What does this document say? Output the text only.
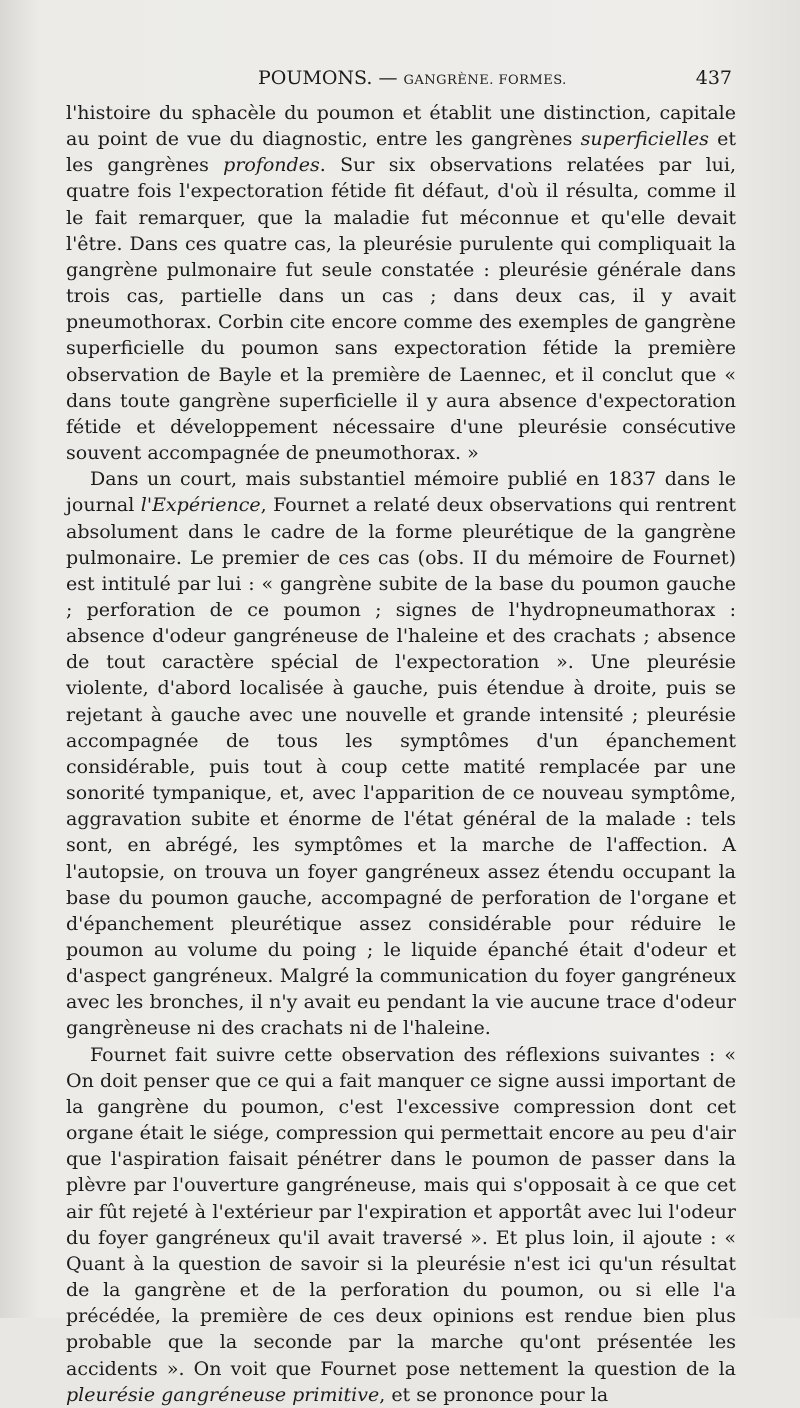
POUMONS. — GANGRÈNE. FORMES.	437

l'histoire du sphacèle du poumon et établit une distinction, capitale au point de vue du diagnostic, entre les gangrènes superficielles et les gangrènes profondes. Sur six observations relatées par lui, quatre fois l'expectoration fétide fit défaut, d'où il résulta, comme il le fait remarquer, que la maladie fut méconnue et qu'elle devait l'être. Dans ces quatre cas, la pleurésie purulente qui compliquait la gangrène pulmonaire fut seule constatée : pleurésie générale dans trois cas, partielle dans un cas ; dans deux cas, il y avait pneumothorax. Corbin cite encore comme des exemples de gangrène superficielle du poumon sans expectoration fétide la première observation de Bayle et la première de Laennec, et il conclut que « dans toute gangrène superficielle il y aura absence d'expectoration fétide et développement nécessaire d'une pleurésie consécutive souvent accompagnée de pneumothorax. »

Dans un court, mais substantiel mémoire publié en 1837 dans le journal l'Expérience, Fournet a relaté deux observations qui rentrent absolument dans le cadre de la forme pleurétique de la gangrène pulmonaire. Le premier de ces cas (obs. II du mémoire de Fournet) est intitulé par lui : « gangrène subite de la base du poumon gauche ; perforation de ce poumon ; signes de l'hydropneumathorax : absence d'odeur gangréneuse de l'haleine et des crachats ; absence de tout caractère spécial de l'expectoration ». Une pleurésie violente, d'abord localisée à gauche, puis étendue à droite, puis se rejetant à gauche avec une nouvelle et grande intensité ; pleurésie accompagnée de tous les symptômes d'un épanchement considérable, puis tout à coup cette matité remplacée par une sonorité tympanique, et, avec l'apparition de ce nouveau symptôme, aggravation subite et énorme de l'état général de la malade : tels sont, en abrégé, les symptômes et la marche de l'affection. A l'autopsie, on trouva un foyer gangréneux assez étendu occupant la base du poumon gauche, accompagné de perforation de l'organe et d'épanchement pleurétique assez considérable pour réduire le poumon au volume du poing ; le liquide épanché était d'odeur et d'aspect gangréneux. Malgré la communication du foyer gangréneux avec les bronches, il n'y avait eu pendant la vie aucune trace d'odeur gangrèneuse ni des crachats ni de l'haleine.

Fournet fait suivre cette observation des réflexions suivantes : « On doit penser que ce qui a fait manquer ce signe aussi important de la gangrène du poumon, c'est l'excessive compression dont cet organe était le siége, compression qui permettait encore au peu d'air que l'aspiration faisait pénétrer dans le poumon de passer dans la plèvre par l'ouverture gangréneuse, mais qui s'opposait à ce que cet air fût rejeté à l'extérieur par l'expiration et apportât avec lui l'odeur du foyer gangréneux qu'il avait traversé ». Et plus loin, il ajoute : « Quant à la question de savoir si la pleurésie n'est ici qu'un résultat de la gangrène et de la perforation du poumon, ou si elle l'a précédée, la première de ces deux opinions est rendue bien plus probable que la seconde par la marche qu'ont présentée les accidents ». On voit que Fournet pose nettement la question de la pleurésie gangréneuse primitive, et se prononce pour la
